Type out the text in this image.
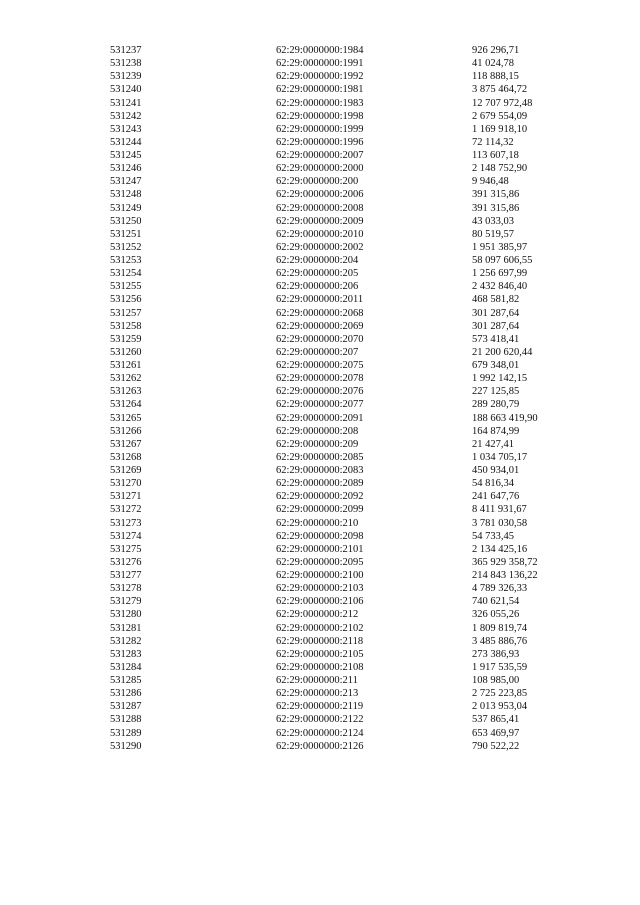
531237	62:29:0000000:1984	926 296,71
531238	62:29:0000000:1991	41 024,78
531239	62:29:0000000:1992	118 888,15
531240	62:29:0000000:1981	3 875 464,72
531241	62:29:0000000:1983	12 707 972,48
531242	62:29:0000000:1998	2 679 554,09
531243	62:29:0000000:1999	1 169 918,10
531244	62:29:0000000:1996	72 114,32
531245	62:29:0000000:2007	113 607,18
531246	62:29:0000000:2000	2 148 752,90
531247	62:29:0000000:200	9 946,48
531248	62:29:0000000:2006	391 315,86
531249	62:29:0000000:2008	391 315,86
531250	62:29:0000000:2009	43 033,03
531251	62:29:0000000:2010	80 519,57
531252	62:29:0000000:2002	1 951 385,97
531253	62:29:0000000:204	58 097 606,55
531254	62:29:0000000:205	1 256 697,99
531255	62:29:0000000:206	2 432 846,40
531256	62:29:0000000:2011	468 581,82
531257	62:29:0000000:2068	301 287,64
531258	62:29:0000000:2069	301 287,64
531259	62:29:0000000:2070	573 418,41
531260	62:29:0000000:207	21 200 620,44
531261	62:29:0000000:2075	679 348,01
531262	62:29:0000000:2078	1 992 142,15
531263	62:29:0000000:2076	227 125,85
531264	62:29:0000000:2077	289 280,79
531265	62:29:0000000:2091	188 663 419,90
531266	62:29:0000000:208	164 874,99
531267	62:29:0000000:209	21 427,41
531268	62:29:0000000:2085	1 034 705,17
531269	62:29:0000000:2083	450 934,01
531270	62:29:0000000:2089	54 816,34
531271	62:29:0000000:2092	241 647,76
531272	62:29:0000000:2099	8 411 931,67
531273	62:29:0000000:210	3 781 030,58
531274	62:29:0000000:2098	54 733,45
531275	62:29:0000000:2101	2 134 425,16
531276	62:29:0000000:2095	365 929 358,72
531277	62:29:0000000:2100	214 843 136,22
531278	62:29:0000000:2103	4 789 326,33
531279	62:29:0000000:2106	740 621,54
531280	62:29:0000000:212	326 055,26
531281	62:29:0000000:2102	1 809 819,74
531282	62:29:0000000:2118	3 485 886,76
531283	62:29:0000000:2105	273 386,93
531284	62:29:0000000:2108	1 917 535,59
531285	62:29:0000000:211	108 985,00
531286	62:29:0000000:213	2 725 223,85
531287	62:29:0000000:2119	2 013 953,04
531288	62:29:0000000:2122	537 865,41
531289	62:29:0000000:2124	653 469,97
531290	62:29:0000000:2126	790 522,22
